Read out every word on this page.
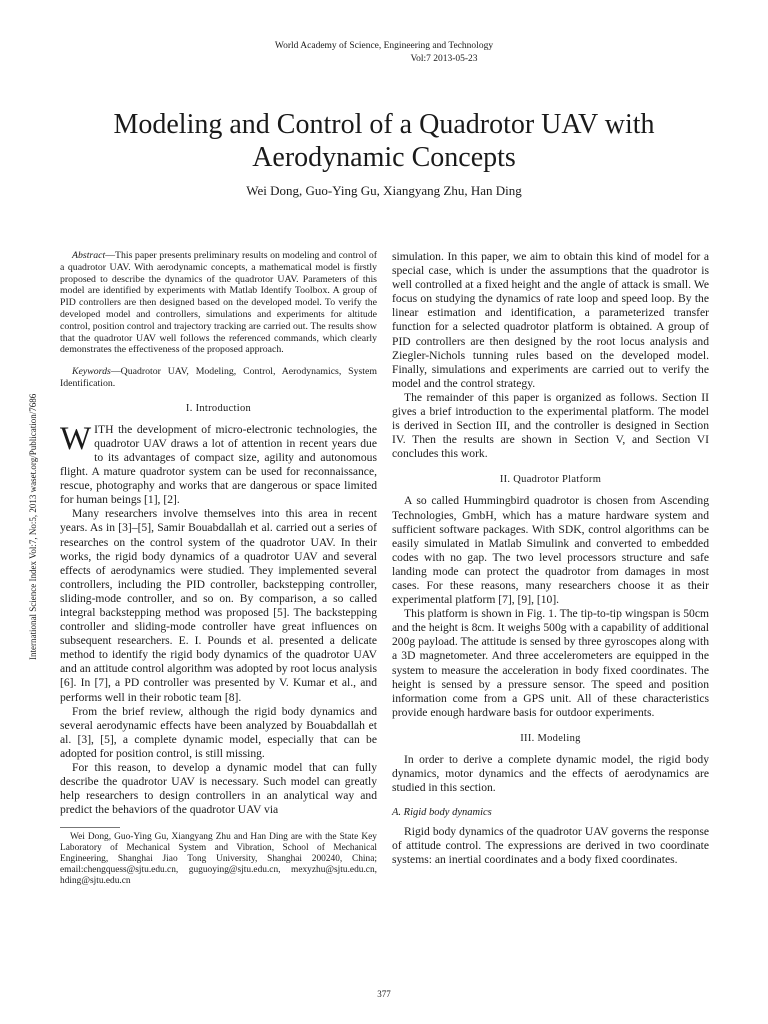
World Academy of Science, Engineering and Technology
Vol:7 2013-05-23
Modeling and Control of a Quadrotor UAV with
Aerodynamic Concepts
Wei Dong, Guo-Ying Gu, Xiangyang Zhu, Han Ding
International Science Index Vol:7, No:5, 2013 waset.org/Publication/7686

Abstract—This paper presents preliminary results on modeling and control of a quadrotor UAV. With aerodynamic concepts, a mathematical model is firstly proposed to describe the dynamics of the quadrotor UAV. Parameters of this model are identified by experiments with Matlab Identify Toolbox. A group of PID controllers are then designed based on the developed model. To verify the developed model and controllers, simulations and experiments for altitude control, position control and trajectory tracking are carried out. The results show that the quadrotor UAV well follows the referenced commands, which clearly demonstrates the effectiveness of the proposed approach.

Keywords—Quadrotor UAV, Modeling, Control, Aerodynamics, System Identification.

I. Introduction

WITH the development of micro-electronic technologies, the quadrotor UAV draws a lot of attention in recent years due to its advantages of compact size, agility and autonomous flight. A mature quadrotor system can be used for reconnaissance, rescue, photography and works that are dangerous or space limited for human beings [1], [2].

Many researchers involve themselves into this area in recent years. As in [3]–[5], Samir Bouabdallah et al. carried out a series of researches on the control system of the quadrotor UAV. In their works, the rigid body dynamics of a quadrotor UAV and several effects of aerodynamics were studied. They implemented several controllers, including the PID controller, backstepping controller, sliding-mode controller, and so on. By comparison, a so called integral backstepping method was proposed [5]. The backstepping controller and sliding-mode controller have great influences on subsequent researchers. E. I. Pounds et al. presented a delicate method to identify the rigid body dynamics of the quadrotor UAV and an attitude control algorithm was adopted by root locus analysis [6]. In [7], a PD controller was presented by V. Kumar et al., and performs well in their robotic team [8].

From the brief review, although the rigid body dynamics and several aerodynamic effects have been analyzed by Bouabdallah et al. [3], [5], a complete dynamic model, especially that can be adopted for position control, is still missing.

For this reason, to develop a dynamic model that can fully describe the quadrotor UAV is necessary. Such model can greatly help researchers to design controllers in an analytical way and predict the behaviors of the quadrotor UAV via

Wei Dong, Guo-Ying Gu, Xiangyang Zhu and Han Ding are with the State Key Laboratory of Mechanical System and Vibration, School of Mechanical Engineering, Shanghai Jiao Tong University, Shanghai 200240, China; email:chengquess@sjtu.edu.cn, guguoying@sjtu.edu.cn, mexyzhu@sjtu.edu.cn, hding@sjtu.edu.cn

simulation. In this paper, we aim to obtain this kind of model for a special case, which is under the assumptions that the quadrotor is well controlled at a fixed height and the angle of attack is small. We focus on studying the dynamics of rate loop and speed loop. By the linear estimation and identification, a parameterized transfer function for a selected quadrotor platform is obtained. A group of PID controllers are then designed by the root locus analysis and Ziegler-Nichols tunning rules based on the developed model. Finally, simulations and experiments are carried out to verify the model and the control strategy.

The remainder of this paper is organized as follows. Section II gives a brief introduction to the experimental platform. The model is derived in Section III, and the controller is designed in Section IV. Then the results are shown in Section V, and Section VI concludes this work.

II. Quadrotor Platform

A so called Hummingbird quadrotor is chosen from Ascending Technologies, GmbH, which has a mature hardware system and sufficient software packages. With SDK, control algorithms can be easily simulated in Matlab Simulink and converted to embedded codes with no gap. The two level processors structure and safe landing mode can protect the quadrotor from damages in most cases. For these reasons, many researchers choose it as their experimental platform [7], [9], [10].

This platform is shown in Fig. 1. The tip-to-tip wingspan is 50cm and the height is 8cm. It weighs 500g with a capability of additional 200g payload. The attitude is sensed by three gyroscopes along with a 3D magnetometer. And three accelerometers are equipped in the system to measure the acceleration in body fixed coordinates. The height is sensed by a pressure sensor. The speed and position information come from a GPS unit. All of these characteristics provide enough hardware basis for outdoor experiments.

III. Modeling

In order to derive a complete dynamic model, the rigid body dynamics, motor dynamics and the effects of aerodynamics are studied in this section.

A. Rigid body dynamics

Rigid body dynamics of the quadrotor UAV governs the response of attitude control. The expressions are derived in two coordinate systems: an inertial coordinates and a body fixed coordinates.

377
